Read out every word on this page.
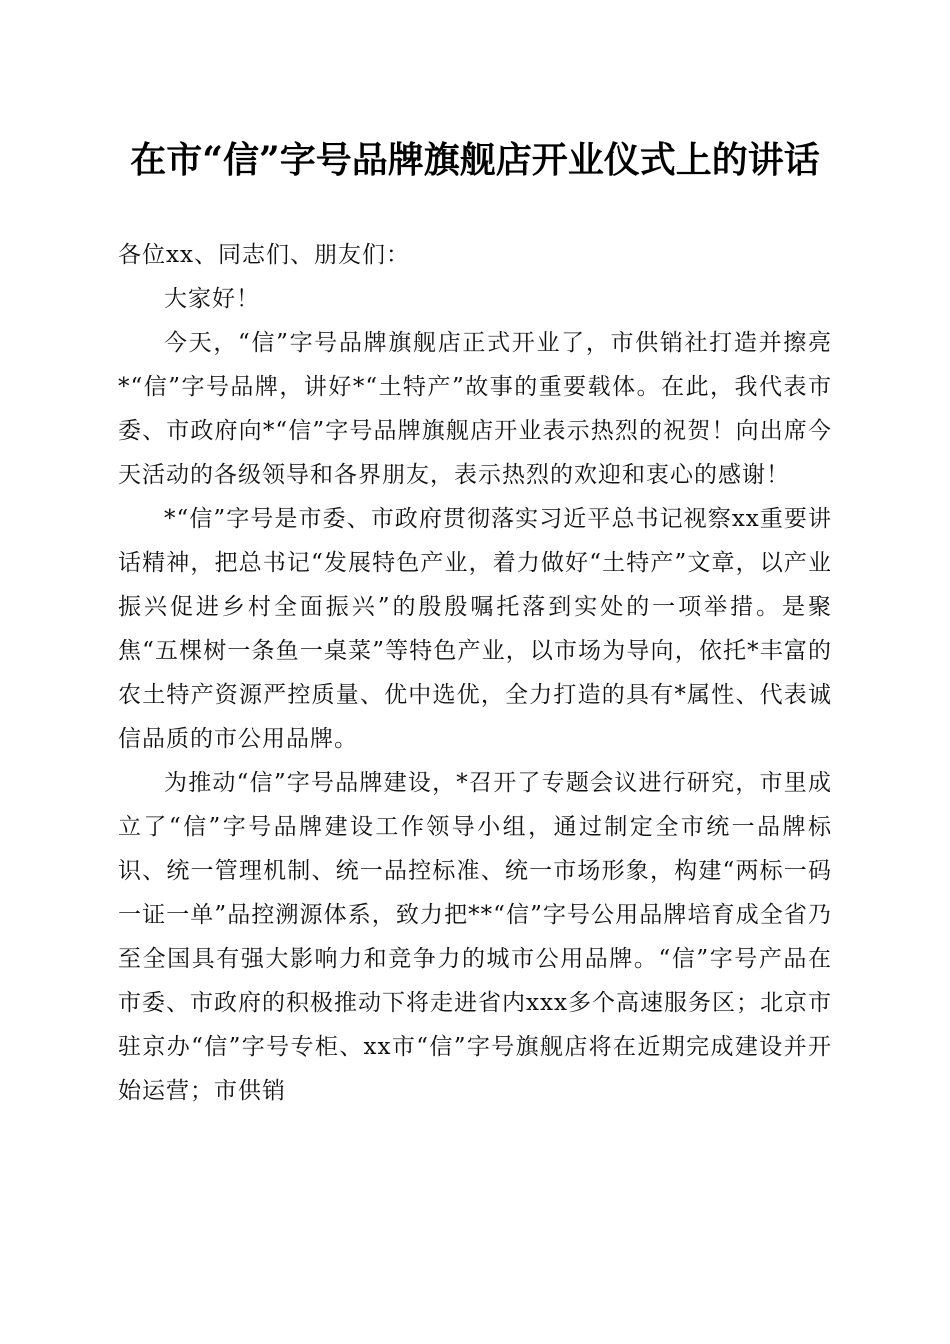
在市“信”字号品牌旗舰店开业仪式上的讲话

各位xx、同志们、朋友们：

大家好！

今天，“信”字号品牌旗舰店正式开业了，市供销社打造并擦亮*“信”字号品牌，讲好*“土特产”故事的重要载体。在此，我代表市委、市政府向*“信”字号品牌旗舰店开业表示热烈的祝贺！向出席今天活动的各级领导和各界朋友，表示热烈的欢迎和衷心的感谢！

*“信”字号是市委、市政府贯彻落实习近平总书记视察xx重要讲话精神，把总书记“发展特色产业，着力做好“土特产”文章，以产业振兴促进乡村全面振兴”的殷殷嘱托落到实处的一项举措。是聚焦“五棵树一条鱼一桌菜”等特色产业，以市场为导向，依托*丰富的农土特产资源严控质量、优中选优，全力打造的具有*属性、代表诚信品质的市公用品牌。

为推动“信”字号品牌建设，*召开了专题会议进行研究，市里成立了“信”字号品牌建设工作领导小组，通过制定全市统一品牌标识、统一管理机制、统一品控标准、统一市场形象，构建“两标一码一证一单”品控溯源体系，致力把**“信”字号公用品牌培育成全省乃至全国具有强大影响力和竞争力的城市公用品牌。“信”字号产品在市委、市政府的积极推动下将走进省内xxx多个高速服务区；北京市驻京办“信”字号专柜、xx市“信”字号旗舰店将在近期完成建设并开始运营；市供销
